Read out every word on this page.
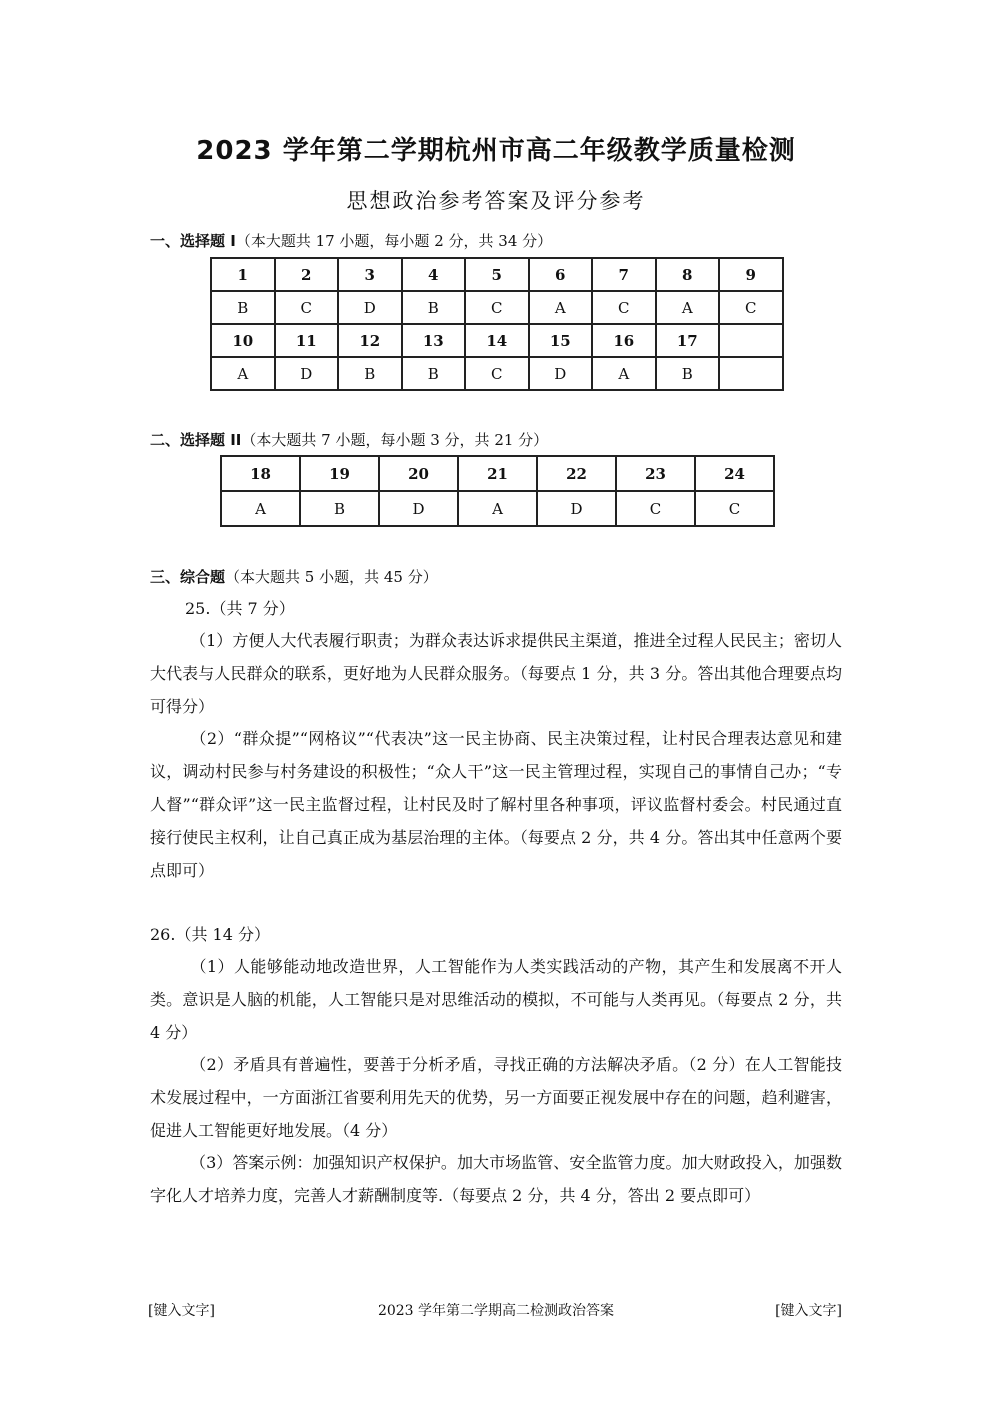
2023 学年第二学期杭州市高二年级教学质量检测
思想政治参考答案及评分参考
一、选择题 I（本大题共 17 小题，每小题 2 分，共 34 分）
1	2	3	4	5	6	7	8	9
B	C	D	B	C	A	C	A	C
10	11	12	13	14	15	16	17	
A	D	B	B	C	D	A	B	
二、选择题 II（本大题共 7 小题，每小题 3 分，共 21 分）
18	19	20	21	22	23	24
A	B	D	A	D	C	C
三、综合题（本大题共 5 小题，共 45 分）
25.（共 7 分）
（1）方便人大代表履行职责；为群众表达诉求提供民主渠道，推进全过程人民民主；密切人大代表与人民群众的联系，更好地为人民群众服务。（每要点 1 分，共 3 分。答出其他合理要点均可得分）
（2）“群众提”“网格议”“代表决”这一民主协商、民主决策过程，让村民合理表达意见和建议，调动村民参与村务建设的积极性；“众人干”这一民主管理过程，实现自己的事情自己办；“专人督”“群众评”这一民主监督过程，让村民及时了解村里各种事项，评议监督村委会。村民通过直接行使民主权利，让自己真正成为基层治理的主体。（每要点 2 分，共 4 分。答出其中任意两个要点即可）
26.（共 14 分）
（1）人能够能动地改造世界，人工智能作为人类实践活动的产物，其产生和发展离不开人类。意识是人脑的机能，人工智能只是对思维活动的模拟，不可能与人类再见。（每要点 2 分，共 4 分）
（2）矛盾具有普遍性，要善于分析矛盾，寻找正确的方法解决矛盾。（2 分）在人工智能技术发展过程中，一方面浙江省要利用先天的优势，另一方面要正视发展中存在的问题，趋利避害，促进人工智能更好地发展。（4 分）
（3）答案示例：加强知识产权保护。加大市场监管、安全监管力度。加大财政投入，加强数字化人才培养力度，完善人才薪酬制度等.（每要点 2 分，共 4 分，答出 2 要点即可）
[键入文字]	2023 学年第二学期高二检测政治答案	[键入文字]
